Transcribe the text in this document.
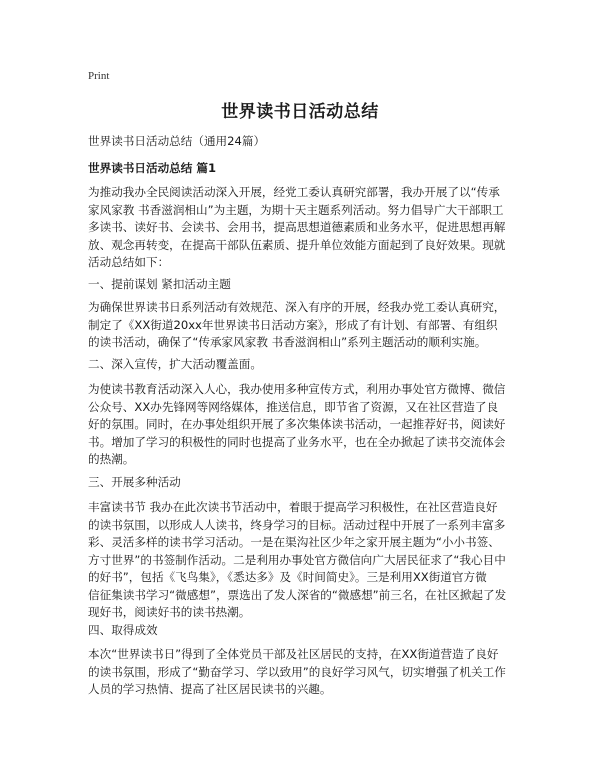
Print
世界读书日活动总结
世界读书日活动总结（通用24篇）
世界读书日活动总结 篇1
为推动我办全民阅读活动深入开展，经党工委认真研究部署，我办开展了以“传承
家风家教 书香滋润相山”为主题，为期十天主题系列活动。努力倡导广大干部职工
多读书、读好书、会读书、会用书，提高思想道德素质和业务水平，促进思想再解
放、观念再转变，在提高干部队伍素质、提升单位效能方面起到了良好效果。现就
活动总结如下：
一、提前谋划 紧扣活动主题
为确保世界读书日系列活动有效规范、深入有序的开展，经我办党工委认真研究，
制定了《XX街道20xx年世界读书日活动方案》，形成了有计划、有部署、有组织
的读书活动，确保了“传承家风家教 书香滋润相山”系列主题活动的顺利实施。
二、深入宣传，扩大活动覆盖面。
为使读书教育活动深入人心，我办使用多种宣传方式，利用办事处官方微博、微信
公众号、XX办先锋网等网络媒体，推送信息，即节省了资源，又在社区营造了良
好的氛围。同时，在办事处组织开展了多次集体读书活动，一起推荐好书，阅读好
书。增加了学习的积极性的同时也提高了业务水平，也在全办掀起了读书交流体会
的热潮。
三、开展多种活动
丰富读书节 我办在此次读书节活动中，着眼于提高学习积极性，在社区营造良好
的读书氛围，以形成人人读书，终身学习的目标。活动过程中开展了一系列丰富多
彩、灵活多样的读书学习活动。一是在渠沟社区少年之家开展主题为“小小书签、
方寸世界”的书签制作活动。二是利用办事处官方微信向广大居民征求了“我心目中
的好书”，包括《飞鸟集》，《悉达多》及《时间简史》。三是利用XX街道官方微
信征集读书学习“微感想”，票选出了发人深省的“微感想”前三名，在社区掀起了发
现好书，阅读好书的读书热潮。
四、取得成效
本次“世界读书日”得到了全体党员干部及社区居民的支持，在XX街道营造了良好
的读书氛围，形成了“勤奋学习、学以致用”的良好学习风气，切实增强了机关工作
人员的学习热情、提高了社区居民读书的兴趣。
